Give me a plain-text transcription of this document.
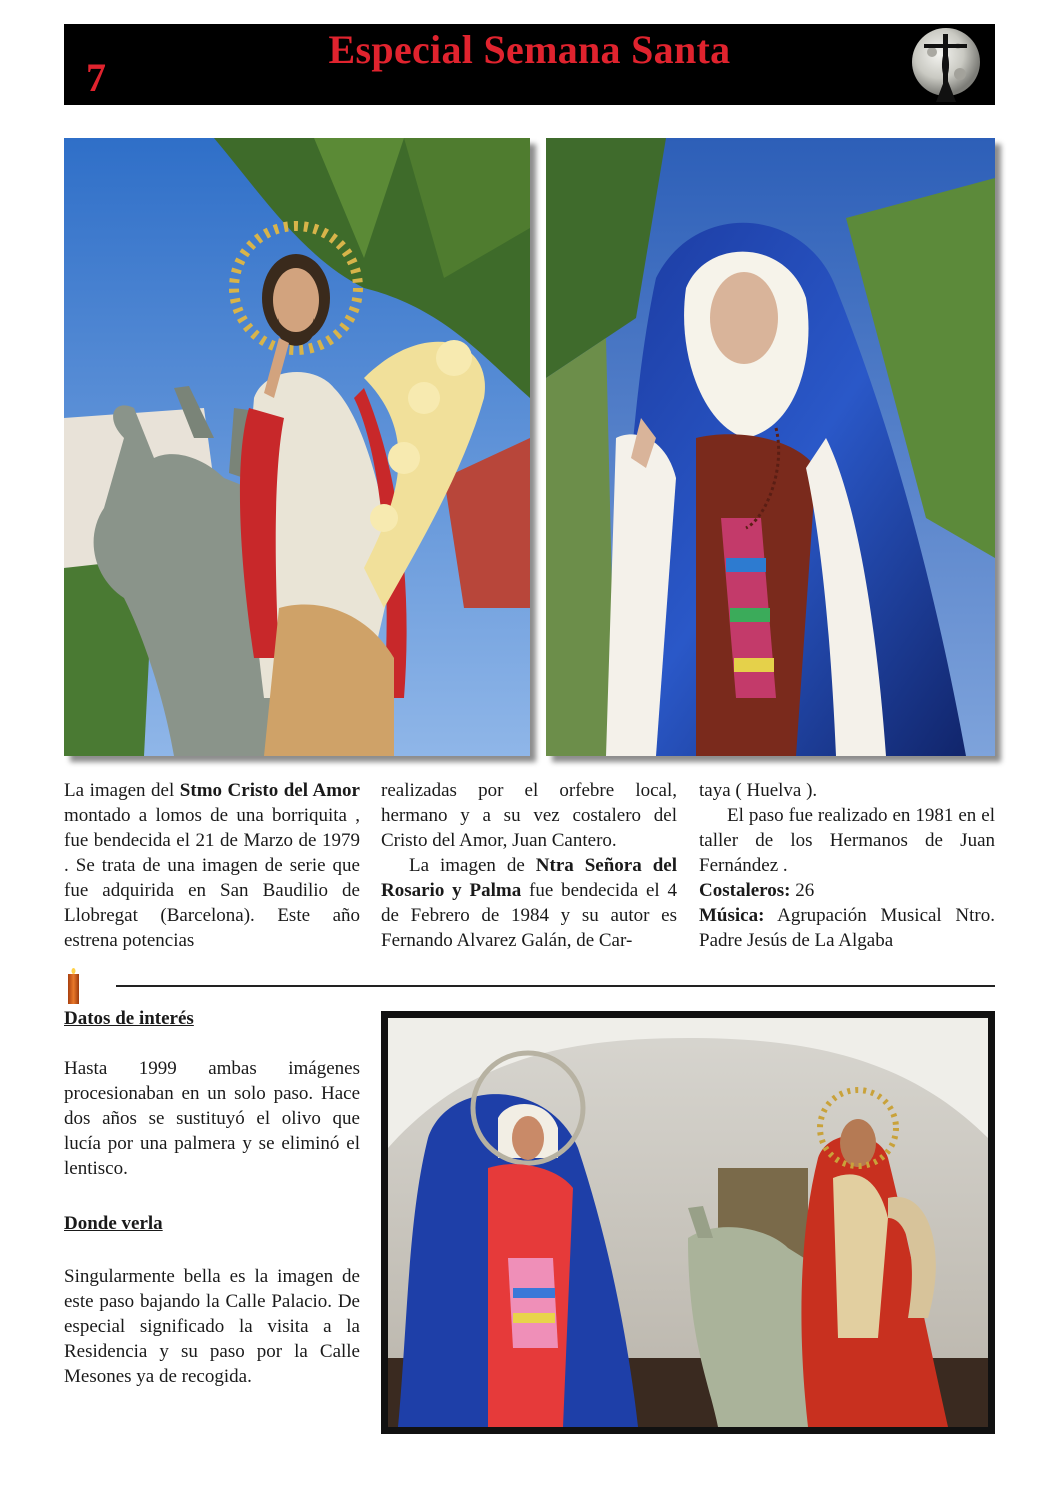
7
Especial Semana Santa

La imagen del Stmo Cristo del Amor montado a lomos de una borriquita , fue bendecida el 21 de Marzo de 1979 . Se trata de una imagen de serie que fue adquirida en San Baudilio de Llobregat (Barcelona). Este año estrena potencias

realizadas por el orfebre local, hermano y a su vez costalero del Cristo del Amor, Juan Cantero.

La imagen de Ntra Señora del Rosario y Palma fue bendecida el 4 de Febrero de 1984 y su autor es Fernando Alvarez Galán, de Car-

taya ( Huelva ).

El paso fue realizado en 1981 en el taller de los Hermanos de Juan Fernández .

Costaleros: 26

Música: Agrupación Musical Ntro. Padre Jesús de La Algaba

Datos de interés
Hasta 1999 ambas imágenes procesionaban en un solo paso. Hace dos años se sustituyó el olivo que lucía por una palmera y se eliminó el lentisco.
Donde verla
Singularmente bella es la imagen de este paso bajando la Calle Palacio. De especial significado la visita a la Residencia y su paso por la Calle Mesones ya de recogida.
